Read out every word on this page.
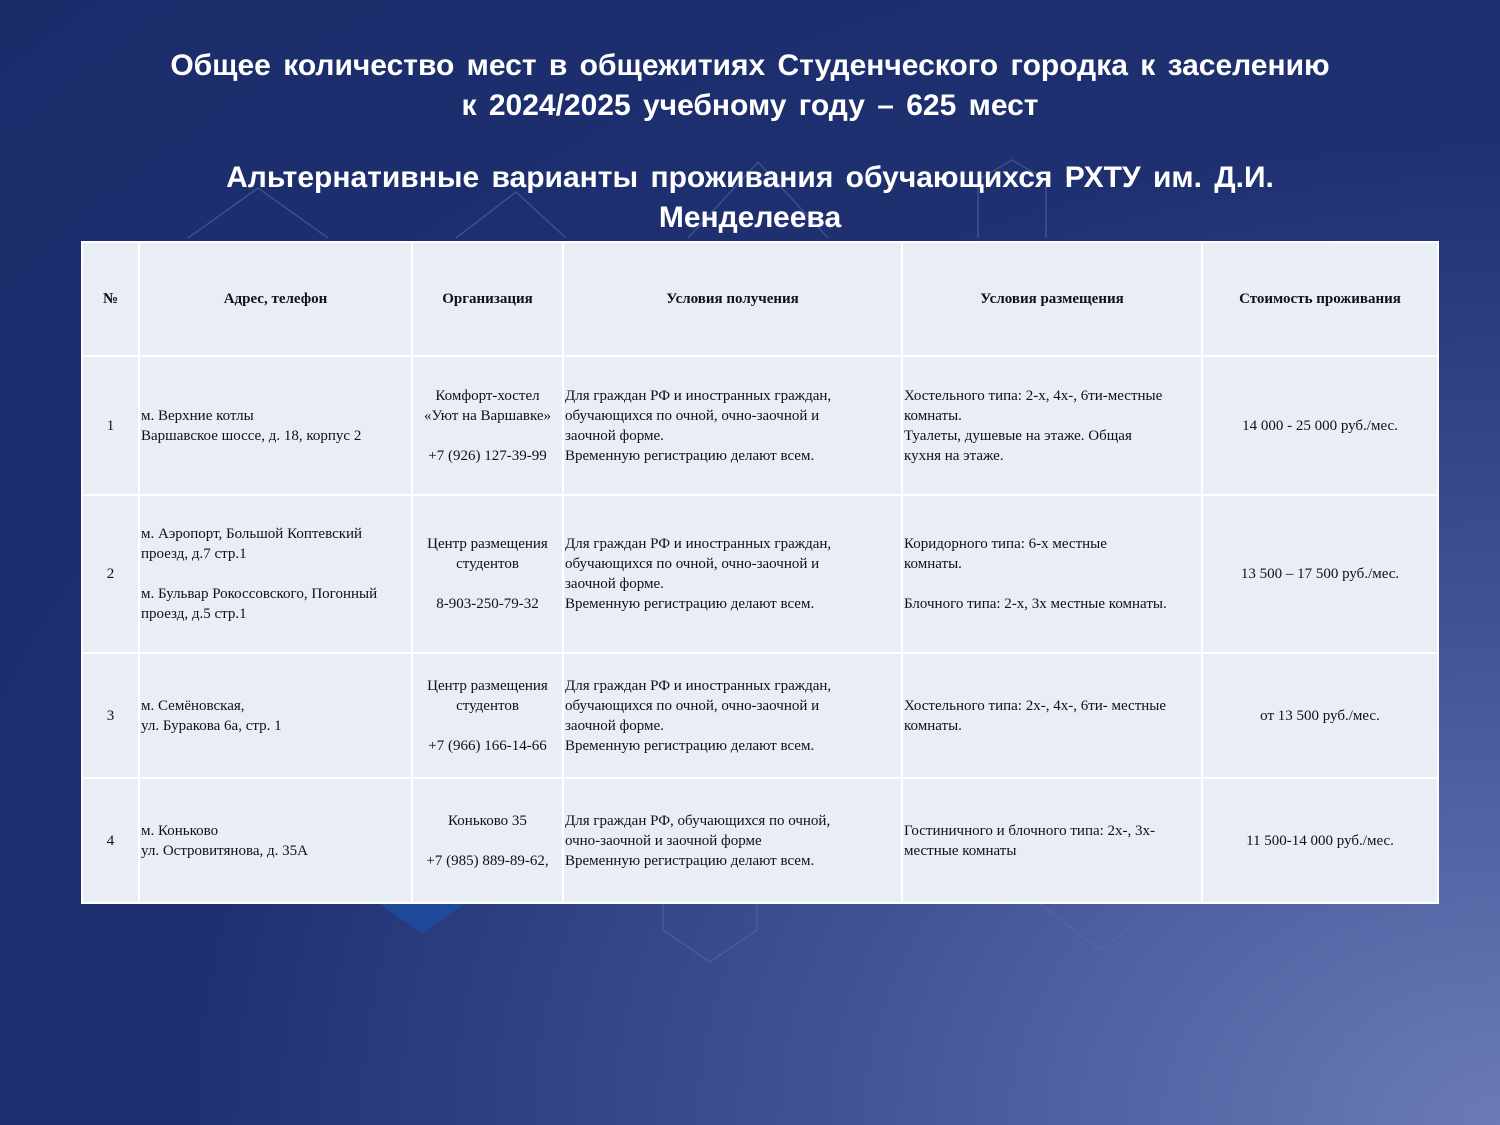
Общее количество мест в общежитиях Студенческого городка к заселению
к 2024/2025 учебному году – 625 мест
Альтернативные варианты проживания обучающихся РХТУ им. Д.И.
Менделеева
№	Адрес, телефон	Организация	Условия получения	Условия размещения	Стоимость проживания
1	м. Верхние котлы
Варшавское шоссе, д. 18, корпус 2	Комфорт-хостел
«Уют на Варшавке»
+7 (926) 127-39-99	Для граждан РФ и иностранных граждан,
обучающихся по очной, очно-заочной и
заочной форме.
Временную регистрацию делают всем.	Хостельного типа: 2-х, 4х-, 6ти-местные
комнаты.
Туалеты, душевые на этаже. Общая
кухня на этаже.	14 000 - 25 000 руб./мес.
2	м. Аэропорт, Большой Коптевский
проезд, д.7 стр.1
м. Бульвар Рокоссовского, Погонный
проезд, д.5 стр.1	Центр размещения
студентов
8-903-250-79-32	Для граждан РФ и иностранных граждан,
обучающихся по очной, очно-заочной и
заочной форме.
Временную регистрацию делают всем.	Коридорного типа: 6-х местные
комнаты.
Блочного типа: 2-х, 3х местные комнаты.	13 500 – 17 500 руб./мес.
3	м. Семёновская,
ул. Буракова 6а, стр. 1	Центр размещения
студентов
+7 (966) 166-14-66	Для граждан РФ и иностранных граждан,
обучающихся по очной, очно-заочной и
заочной форме.
Временную регистрацию делают всем.	Хостельного типа: 2х-, 4х-, 6ти- местные
комнаты.	от 13 500 руб./мес.
4	м. Коньково
ул. Островитянова, д. 35А	Коньково 35
+7 (985) 889-89-62,	Для граждан РФ, обучающихся по очной,
очно-заочной и заочной форме
Временную регистрацию делают всем.	Гостиничного и блочного типа: 2х-, 3х-
местные комнаты	11 500-14 000 руб./мес.
